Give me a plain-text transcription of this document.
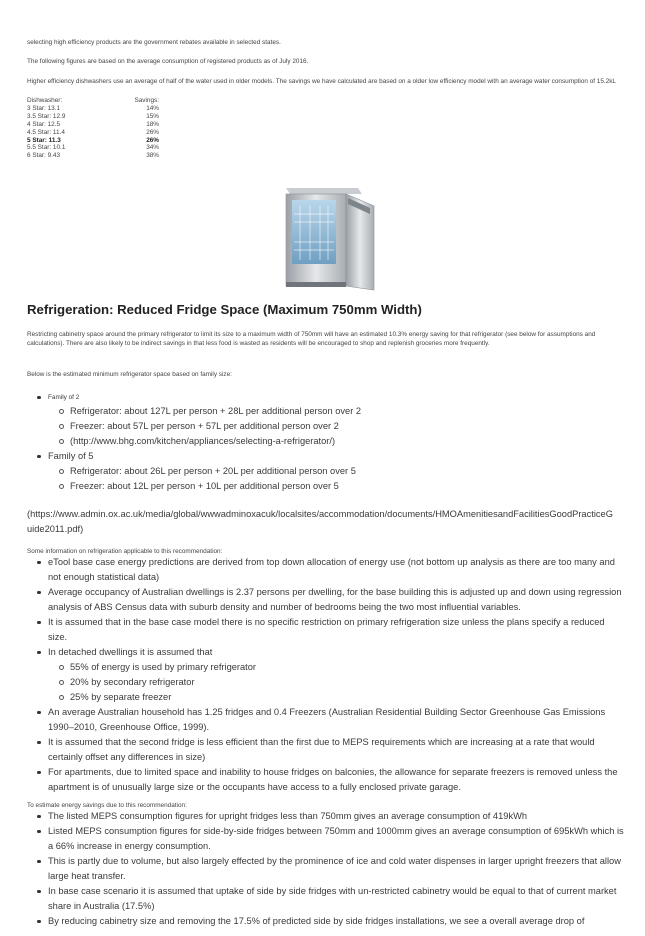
selecting high efficiency products are the government rebates available in selected states.

The following figures are based on the average consumption of registered products as of July 2016.

Higher efficiency dishwashers use an average of half of the water used in older models. The savings we have calculated are based on a older low efficiency model with an average water consumption of 15.2kL

Dishwasher:	Savings:
3 Star: 13.1	14%
3.5 Star: 12.9	15%
4 Star: 12.5	18%
4.5 Star: 11.4	26%
5 Star: 11.3	26%
5.5 Star: 10.1	34%
6 Star: 9.43	38%
Refrigeration: Reduced Fridge Space (Maximum 750mm Width)

Restricting cabinetry space around the primary refrigerator to limit its size to a maximum width of 750mm will have an estimated 10.3% energy saving for that refrigerator (see below for assumptions and calculations). There are also likely to be indirect savings in that less food is wasted as residents will be encouraged to shop and replenish groceries more frequently.

Below is the estimated minimum refrigerator space based on family size:

Family of 2
Refrigerator: about 127L per person + 28L per additional person over 2
Freezer: about 57L per person + 57L per additional person over 2
(http://www.bhg.com/kitchen/appliances/selecting-a-refrigerator/)
Family of 5
Refrigerator: about 26L per person + 20L per additional person over 5
Freezer: about 12L per person + 10L per additional person over 5
(https://www.admin.ox.ac.uk/media/global/wwwadminoxacuk/localsites/accommodation/documents/HMOAmenitiesandFacilitiesGoodPracticeGuide2011.pdf)

Some information on refrigeration applicable to this recommendation:

eTool base case energy predictions are derived from top down allocation of energy use (not bottom up analysis as there are too many and not enough statistical data)
Average occupancy of Australian dwellings is 2.37 persons per dwelling, for the base building this is adjusted up and down using regression analysis of ABS Census data with suburb density and number of bedrooms being the two most influential variables.
It is assumed that in the base case model there is no specific restriction on primary refrigeration size unless the plans specify a reduced size.
In detached dwellings it is assumed that
55% of energy is used by primary refrigerator
20% by secondary refrigerator
25% by separate freezer
An average Australian household has 1.25 fridges and 0.4 Freezers (Australian Residential Building Sector Greenhouse Gas Emissions 1990–2010, Greenhouse Office, 1999).
It is assumed that the second fridge is less efficient than the first due to MEPS requirements which are increasing at a rate that would certainly offset any differences in size)
For apartments, due to limited space and inability to house fridges on balconies, the allowance for separate freezers is removed unless the apartment is of unusually large size or the occupants have access to a fully enclosed private garage.

To estimate energy savings due to this recommendation:

The listed MEPS consumption figures for upright fridges less than 750mm gives an average consumption of 419kWh
Listed MEPS consumption figures for side-by-side fridges between 750mm and 1000mm gives an average consumption of 695kWh which is a 66% increase in energy consumption.
This is partly due to volume, but also largely effected by the prominence of ice and cold water dispenses in larger upright freezers that allow large heat transfer.
In base case scenario it is assumed that uptake of side by side fridges with un-restricted cabinetry would be equal to that of current market share in Australia (17.5%)
By reducing cabinetry size and removing the 17.5% of predicted side by side fridges installations, we see a overall average drop of
